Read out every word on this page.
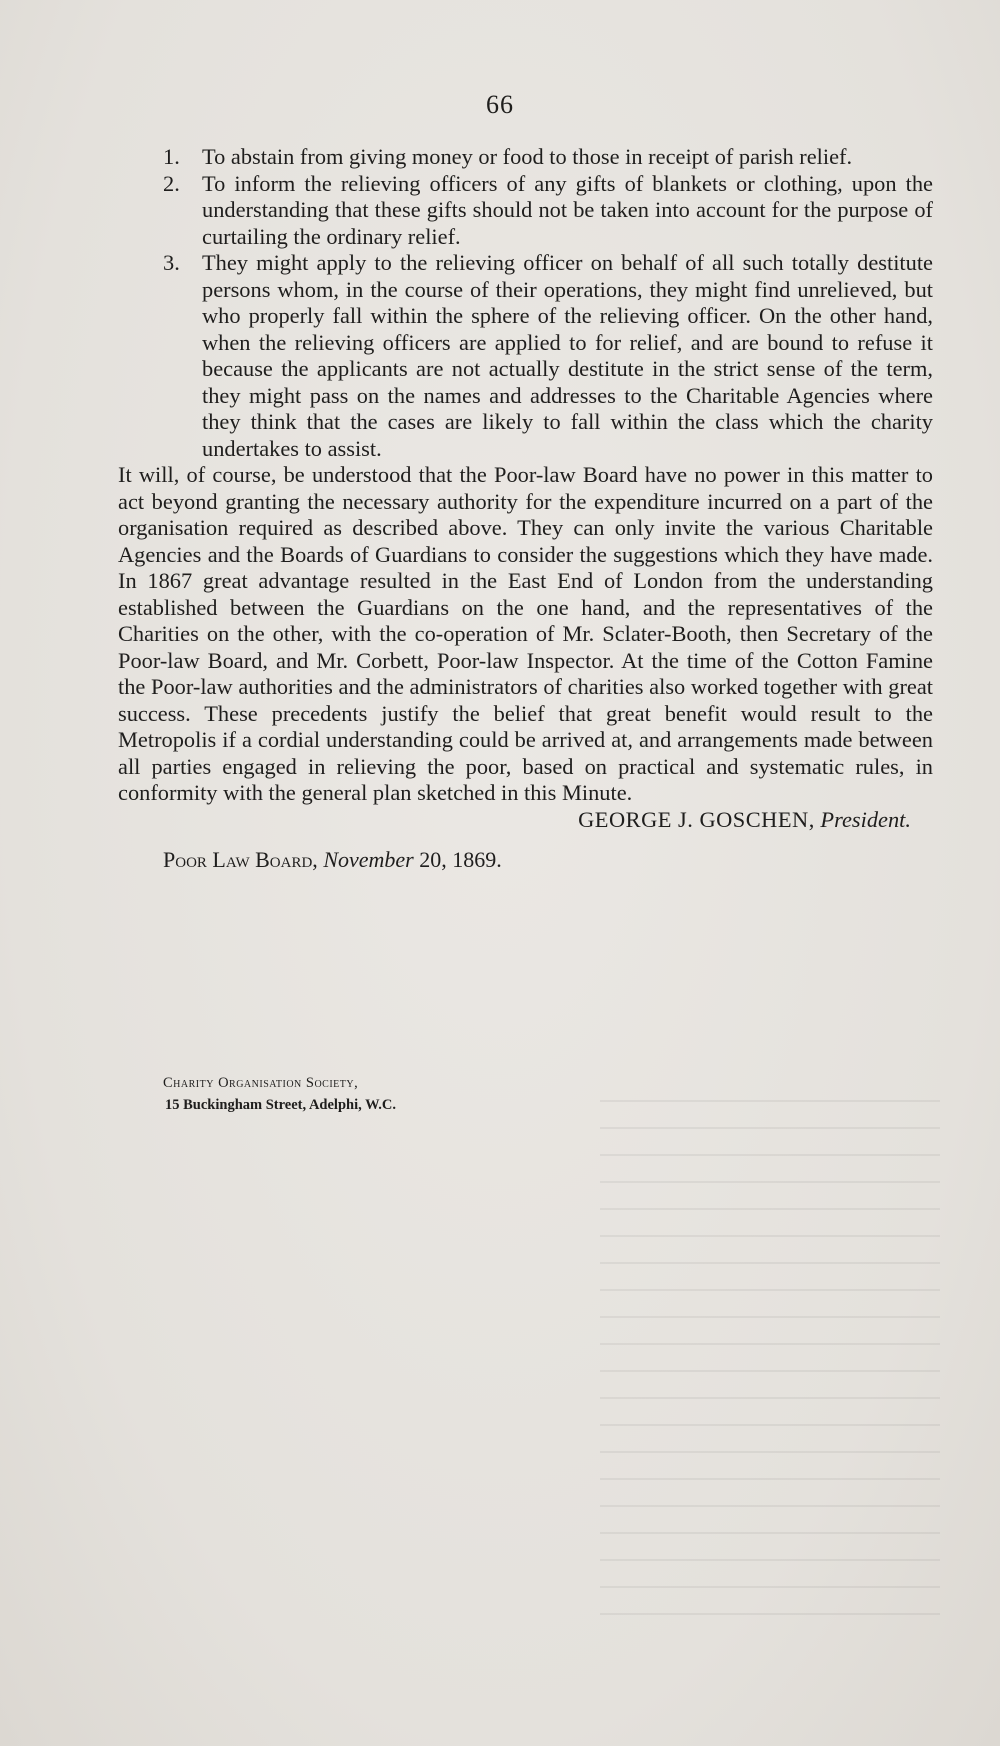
66
1. To abstain from giving money or food to those in receipt of parish relief.
2. To inform the relieving officers of any gifts of blankets or clothing, upon the understanding that these gifts should not be taken into account for the purpose of curtailing the ordinary relief.
3. They might apply to the relieving officer on behalf of all such totally destitute persons whom, in the course of their operations, they might find unrelieved, but who properly fall within the sphere of the relieving officer. On the other hand, when the relieving officers are applied to for relief, and are bound to refuse it because the applicants are not actually destitute in the strict sense of the term, they might pass on the names and addresses to the Charitable Agencies where they think that the cases are likely to fall within the class which the charity undertakes to assist.
It will, of course, be understood that the Poor-law Board have no power in this matter to act beyond granting the necessary authority for the expenditure incurred on a part of the organisation required as described above. They can only invite the various Charitable Agencies and the Boards of Guardians to consider the suggestions which they have made. In 1867 great advantage resulted in the East End of London from the understanding established between the Guardians on the one hand, and the representatives of the Charities on the other, with the co-operation of Mr. Sclater-Booth, then Secretary of the Poor-law Board, and Mr. Corbett, Poor-law Inspector. At the time of the Cotton Famine the Poor-law authorities and the administrators of charities also worked together with great success. These precedents justify the belief that great benefit would result to the Metropolis if a cordial understanding could be arrived at, and arrangements made between all parties engaged in relieving the poor, based on practical and systematic rules, in conformity with the general plan sketched in this Minute.
GEORGE J. GOSCHEN, President.
Poor Law Board, November 20, 1869.
Charity Organisation Society,
15 Buckingham Street, Adelphi, W.C.
